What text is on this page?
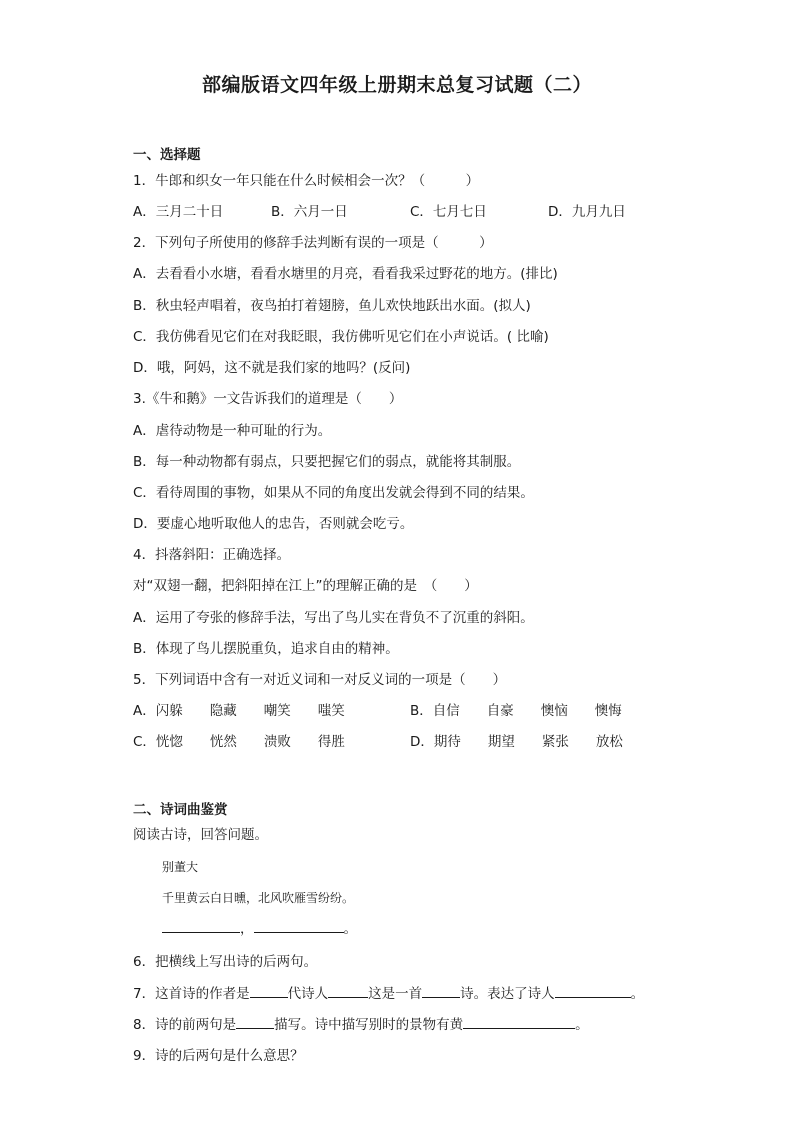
部编版语文四年级上册期末总复习试题（二）
一、选择题
1．牛郎和织女一年只能在什么时候相会一次？（　　　）
A．三月二十日	B．六月一日	C．七月七日	D．九月九日
2．下列句子所使用的修辞手法判断有误的一项是（　　　）
A．去看看小水塘，看看水塘里的月亮，看看我采过野花的地方。(排比)
B．秋虫轻声唱着，夜鸟拍打着翅膀，鱼儿欢快地跃出水面。(拟人)
C．我仿佛看见它们在对我眨眼，我仿佛听见它们在小声说话。( 比喻)
D．哦，阿妈，这不就是我们家的地吗？(反问)
3.《牛和鹅》一文告诉我们的道理是（　　）
A．虐待动物是一种可耻的行为。
B．每一种动物都有弱点，只要把握它们的弱点，就能将其制服。
C．看待周围的事物，如果从不同的角度出发就会得到不同的结果。
D．要虚心地听取他人的忠告，否则就会吃亏。
4．抖落斜阳：正确选择。
对“双翅一翻，把斜阳掉在江上”的理解正确的是　（　　）
A．运用了夸张的修辞手法，写出了鸟儿实在背负不了沉重的斜阳。
B．体现了鸟儿摆脱重负，追求自由的精神。
5．下列词语中含有一对近义词和一对反义词的一项是（　　）
A．闪躲　　隐藏　　嘲笑　　嗤笑	B．自信　　自豪　　懊恼　　懊悔
C．恍惚　　恍然　　溃败　　得胜	D．期待　　期望　　紧张　　放松
二、诗词曲鉴赏
阅读古诗，回答问题。
别董大
千里黄云白日曛，北风吹雁雪纷纷。
，	。
6．把横线上写出诗的后两句。
7．这首诗的作者是	代诗人	这是一首	诗。表达了诗人	。
8．诗的前两句是	描写。诗中描写别时的景物有黄	。
9．诗的后两句是什么意思？
